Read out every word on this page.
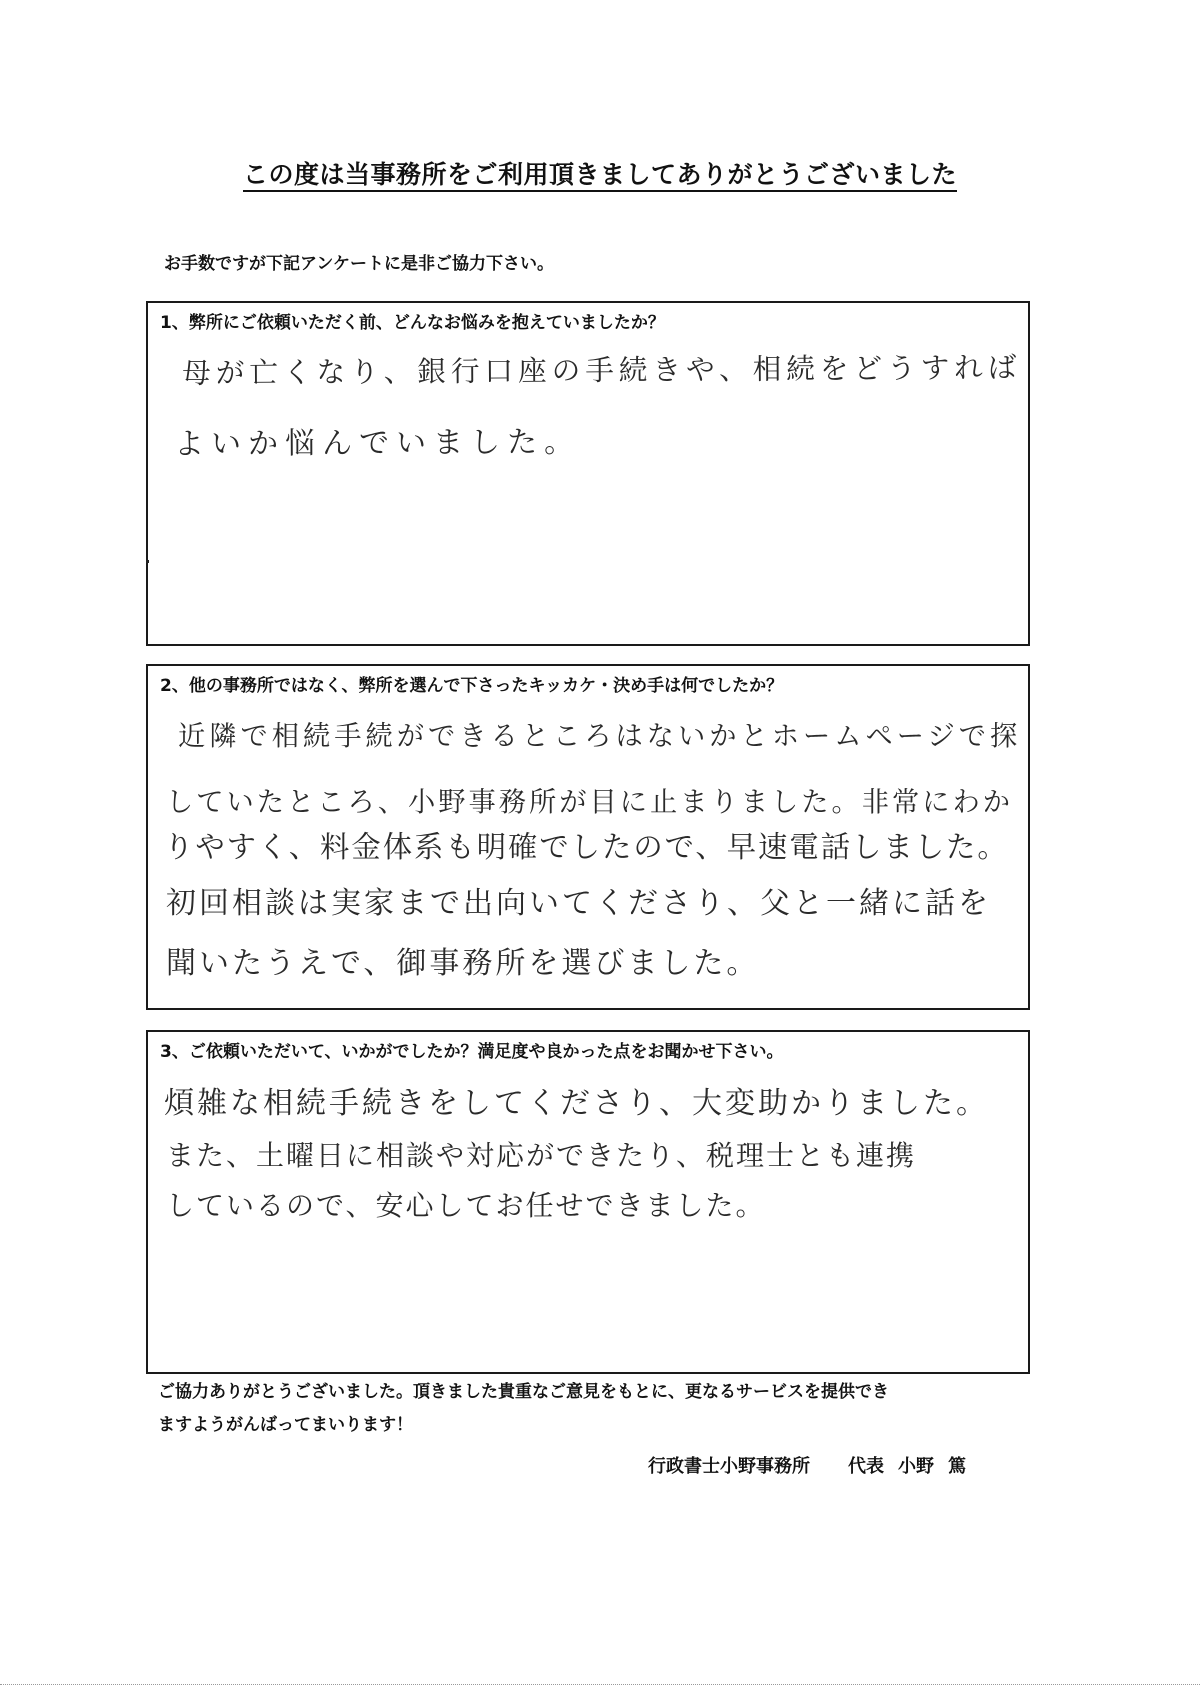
この度は当事務所をご利用頂きましてありがとうございました
お手数ですが下記アンケートに是非ご協力下さい。
1、弊所にご依頼いただく前、どんなお悩みを抱えていましたか？
母が亡くなり、銀行口座の手続きや、相続をどうすれば
よいか悩んでいました。
2、他の事務所ではなく、弊所を選んで下さったキッカケ・決め手は何でしたか？
近隣で相続手続ができるところはないかとホームページで探
していたところ、小野事務所が目に止まりました。非常にわか
りやすく、料金体系も明確でしたので、早速電話しました。
初回相談は実家まで出向いてくださり、父と一緒に話を
聞いたうえで、御事務所を選びました。
3、ご依頼いただいて、いかがでしたか？満足度や良かった点をお聞かせ下さい。
煩雑な相続手続きをしてくださり、大変助かりました。
また、土曜日に相談や対応ができたり、税理士とも連携
しているので、安心してお任せできました。
ご協力ありがとうございました。頂きました貴重なご意見をもとに、更なるサービスを提供でき
ますようがんばってまいります！
行政書士小野事務所 代表 小野 篤
